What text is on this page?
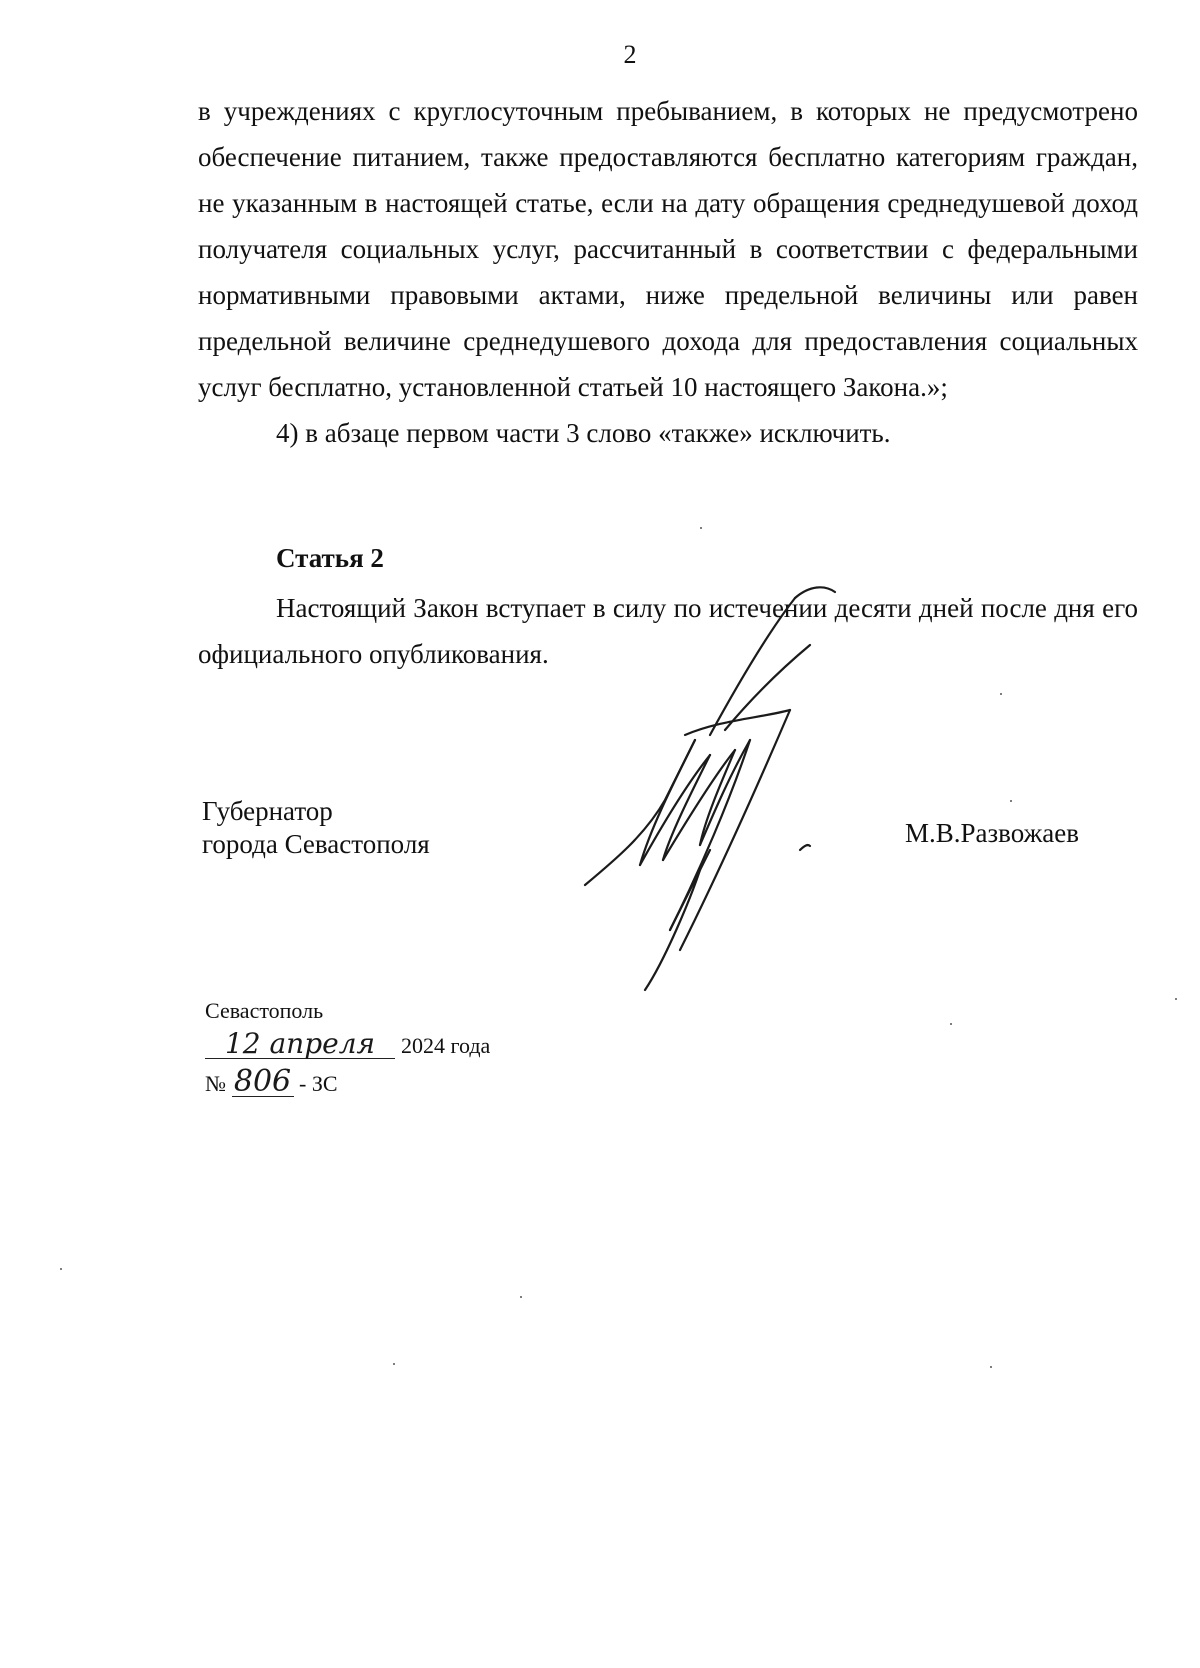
2

в учреждениях с круглосуточным пребыванием, в которых не предусмотрено обеспечение питанием, также предоставляются бесплатно категориям граждан, не указанным в настоящей статье, если на дату обращения среднедушевой доход получателя социальных услуг, рассчитанный в соответствии с федеральными нормативными правовыми актами, ниже предельной величины или равен предельной величине среднедушевого дохода для предоставления социальных услуг бесплатно, установленной статьей 10 настоящего Закона.»;

4) в абзаце первом части 3 слово «также» исключить.

Статья 2

Настоящий Закон вступает в силу по истечении десяти дней после дня его официального опубликования.

Губернатор
города Севастополя	М.В.Развожаев
Севастополь
12 апреля 2024 года
№ 806 - ЗС
